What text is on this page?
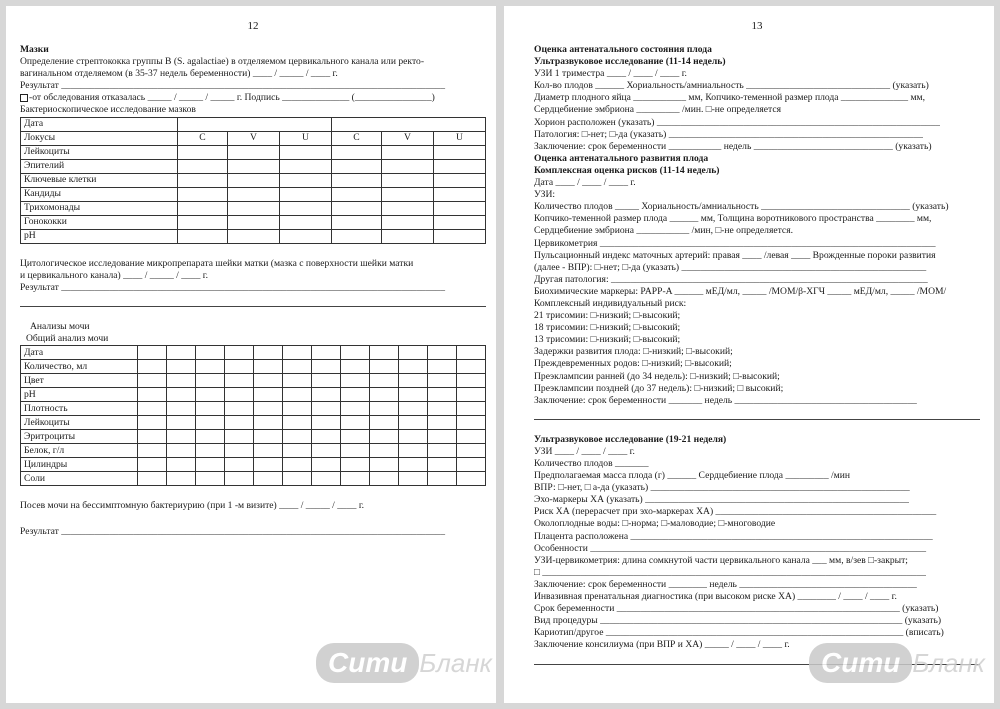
12
Мазки
Определение стрептококка группы В (S. agalactiae) в отделяемом цервикального канала или ректо-
вагинальном отделяемом (в 35-37 недель беременности) ____ / _____ / ____ г.
Результат ________________________________________________________________________________
-от обследования отказалась _____ / _____ / _____ г. Подпись ______________ (________________)
Бактериоскопическое исследование мазков
Дата						
Локусы	C	V	U	C	V	U
Лейкоциты						
Эпителий						
Ключевые клетки						
Кандиды						
Трихомонады						
Гонококки						
pH						
Цитологическое исследование микропрепарата шейки матки (мазка с поверхности шейки матки
и цервикального канала) ____ / _____ / ____ г.
Результат ________________________________________________________________________________
Анализы мочи
Общий анализ мочи
Дата												
Количество, мл												
Цвет												
pH												
Плотность												
Лейкоциты												
Эритроциты												
Белок, г/л												
Цилиндры												
Соли												
Посев мочи на бессимптомную бактериурию (при 1 -м визите) ____ / _____ / ____ г.
Результат ________________________________________________________________________________
Сити Бланк
13
Оценка антенатального состояния плода
Ультразвуковое исследование (11-14 недель)
УЗИ 1 триместра ____ / ____ / ____ г.
Кол-во плодов ______ Хориальность/амниальность ______________________________ (указать)
Диаметр плодного яйца ___________ мм, Копчико-теменной размер плода ______________ мм,
Сердцебиение эмбриона _________ /мин. □-не определяется
Хорион расположен (указать) ___________________________________________________________
Патология: □-нет; □-да (указать) _____________________________________________________
Заключение: срок беременности ___________ недель _____________________________ (указать)
Оценка антенатального развития плода
Комплексная оценка рисков (11-14 недель)
Дата ____ / ____ / ____ г.
УЗИ:
Количество плодов _____ Хориальность/амниальность _______________________________ (указать)
Копчико-теменной размер плода ______ мм, Толщина воротникового пространства ________ мм,
Сердцебиение эмбриона ___________ /мин, □-не определяется.
Цервикометрия ______________________________________________________________________
Пульсационный индекс маточных артерий: правая ____ /левая ____ Врожденные пороки развития
(далее - ВПР): □-нет; □-да (указать) ___________________________________________________
Другая патология: __________________________________________________________________
Биохимические маркеры: PAPP-A ______ мЕД/мл, _____ /МОМ/β-ХГЧ _____ мЕД/мл, _____ /МОМ/
Комплексный индивидуальный риск:
21 трисомии: □-низкий; □-высокий;
18 трисомии: □-низкий; □-высокий;
13 трисомии: □-низкий; □-высокий;
Задержки развития плода: □-низкий; □-высокий;
Преждевременных родов: □-низкий; □-высокий;
Преэклампсии ранней (до 34 недель): □-низкий; □-высокий;
Преэклампсии поздней (до 37 недель): □-низкий; □ высокий;
Заключение: срок беременности _______ недель ______________________________________
Ультразвуковое исследование (19-21 неделя)
УЗИ ____ / ____ / ____ г.
Количество плодов _______
Предполагаемая масса плода (г) ______ Сердцебиение плода _________ /мин
ВПР: □-нет, □ а-да (указать) ______________________________________________________
Эхо-маркеры ХА (указать) _______________________________________________________
Риск ХА (перерасчет при эхо-маркерах ХА) ______________________________________________
Околоплодные воды: □-норма; □-маловодие; □-многоводие
Плацента расположена _______________________________________________________________
Особенности ______________________________________________________________________
УЗИ-цервикометрия: длина сомкнутой части цервикального канала ___ мм, в/зев □-закрыт;
□ ________________________________________________________________________________
Заключение: срок беременности ________ недель _____________________________________
Инвазивная пренатальная диагностика (при высоком риске ХА) ________ / ____ / ____ г.
Срок беременности ___________________________________________________________ (указать)
Вид процедуры _______________________________________________________________ (указать)
Кариотип/другое ______________________________________________________________ (вписать)
Заключение консилиума (при ВПР и ХА) _____ / ____ / ____ г.
Сити Бланк
